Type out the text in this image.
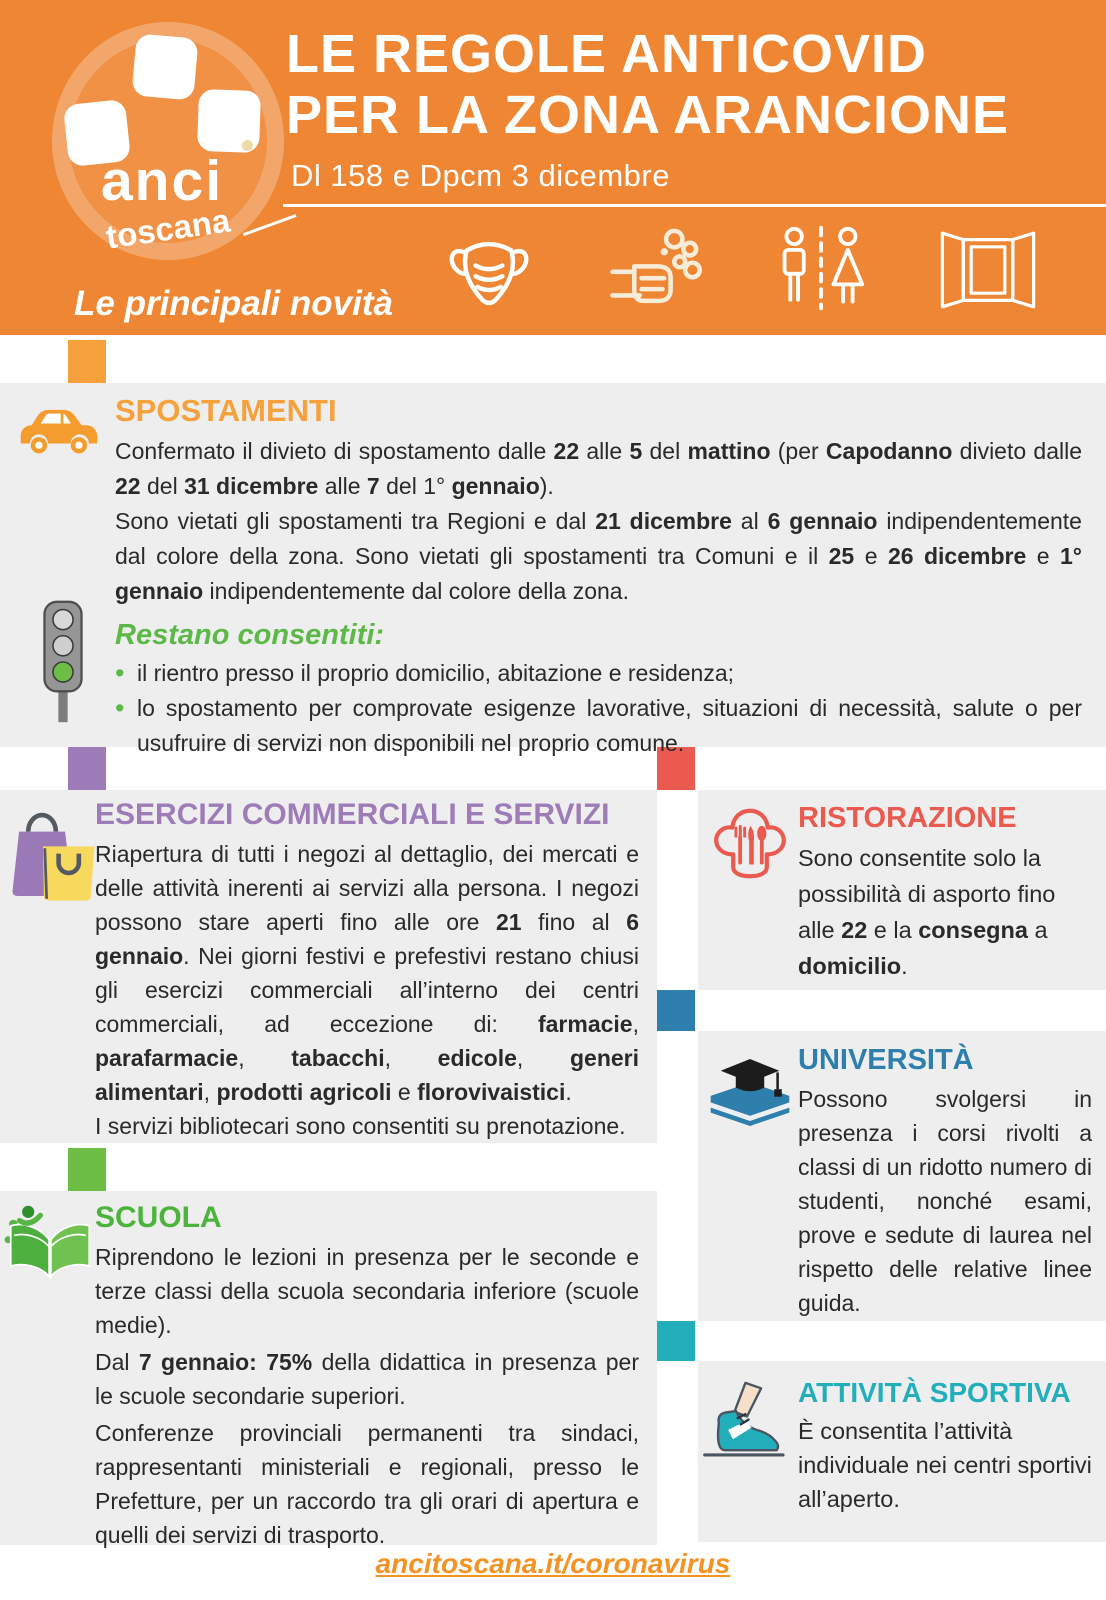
anci
toscana
LE REGOLE ANTICOVID
PER LA ZONA ARANCIONE
Dl 158 e Dpcm 3 dicembre
Le principali novità
SPOSTAMENTI

Confermato il divieto di spostamento dalle 22 alle 5 del mattino (per Capodanno divieto dalle 22 del 31 dicembre alle 7 del 1° gennaio).

Sono vietati gli spostamenti tra Regioni e dal 21 dicembre al 6 gennaio indipendentemente dal colore della zona. Sono vietati gli spostamenti tra Comuni e il 25 e 26 dicembre e 1° gennaio indipendentemente dal colore della zona.

Restano consentiti:
• il rientro presso il proprio domicilio, abitazione e residenza;
• lo spostamento per comprovate esigenze lavorative, situazioni di necessità, salute o per usufruire di servizi non disponibili nel proprio comune.
ESERCIZI COMMERCIALI E SERVIZI

Riapertura di tutti i negozi al dettaglio, dei mercati e delle attività inerenti ai servizi alla persona. I negozi possono stare aperti fino alle ore 21 fino al 6 gennaio. Nei giorni festivi e prefestivi restano chiusi gli esercizi commerciali all’interno dei centri commerciali, ad eccezione di: farmacie, parafarmacie, tabacchi, edicole, generi alimentari, prodotti agricoli e florovivaistici.

I servizi bibliotecari sono consentiti su prenotazione.

RISTORAZIONE

Sono consentite solo la possibilità di asporto fino alle 22 e la consegna a domicilio.

UNIVERSITÀ

Possono svolgersi in presenza i corsi rivolti a classi di un ridotto numero di studenti, nonché esami, prove e sedute di laurea nel rispetto delle relative linee guida.

SCUOLA

Riprendono le lezioni in presenza per le seconde e terze classi della scuola secondaria inferiore (scuole medie).

Dal 7 gennaio: 75% della didattica in presenza per le scuole secondarie superiori.

Conferenze provinciali permanenti tra sindaci, rappresentanti ministeriali e regionali, presso le Prefetture, per un raccordo tra gli orari di apertura e quelli dei servizi di trasporto.

ATTIVITÀ SPORTIVA

È consentita l’attività individuale nei centri sportivi all’aperto.

ancitoscana.it/coronavirus
